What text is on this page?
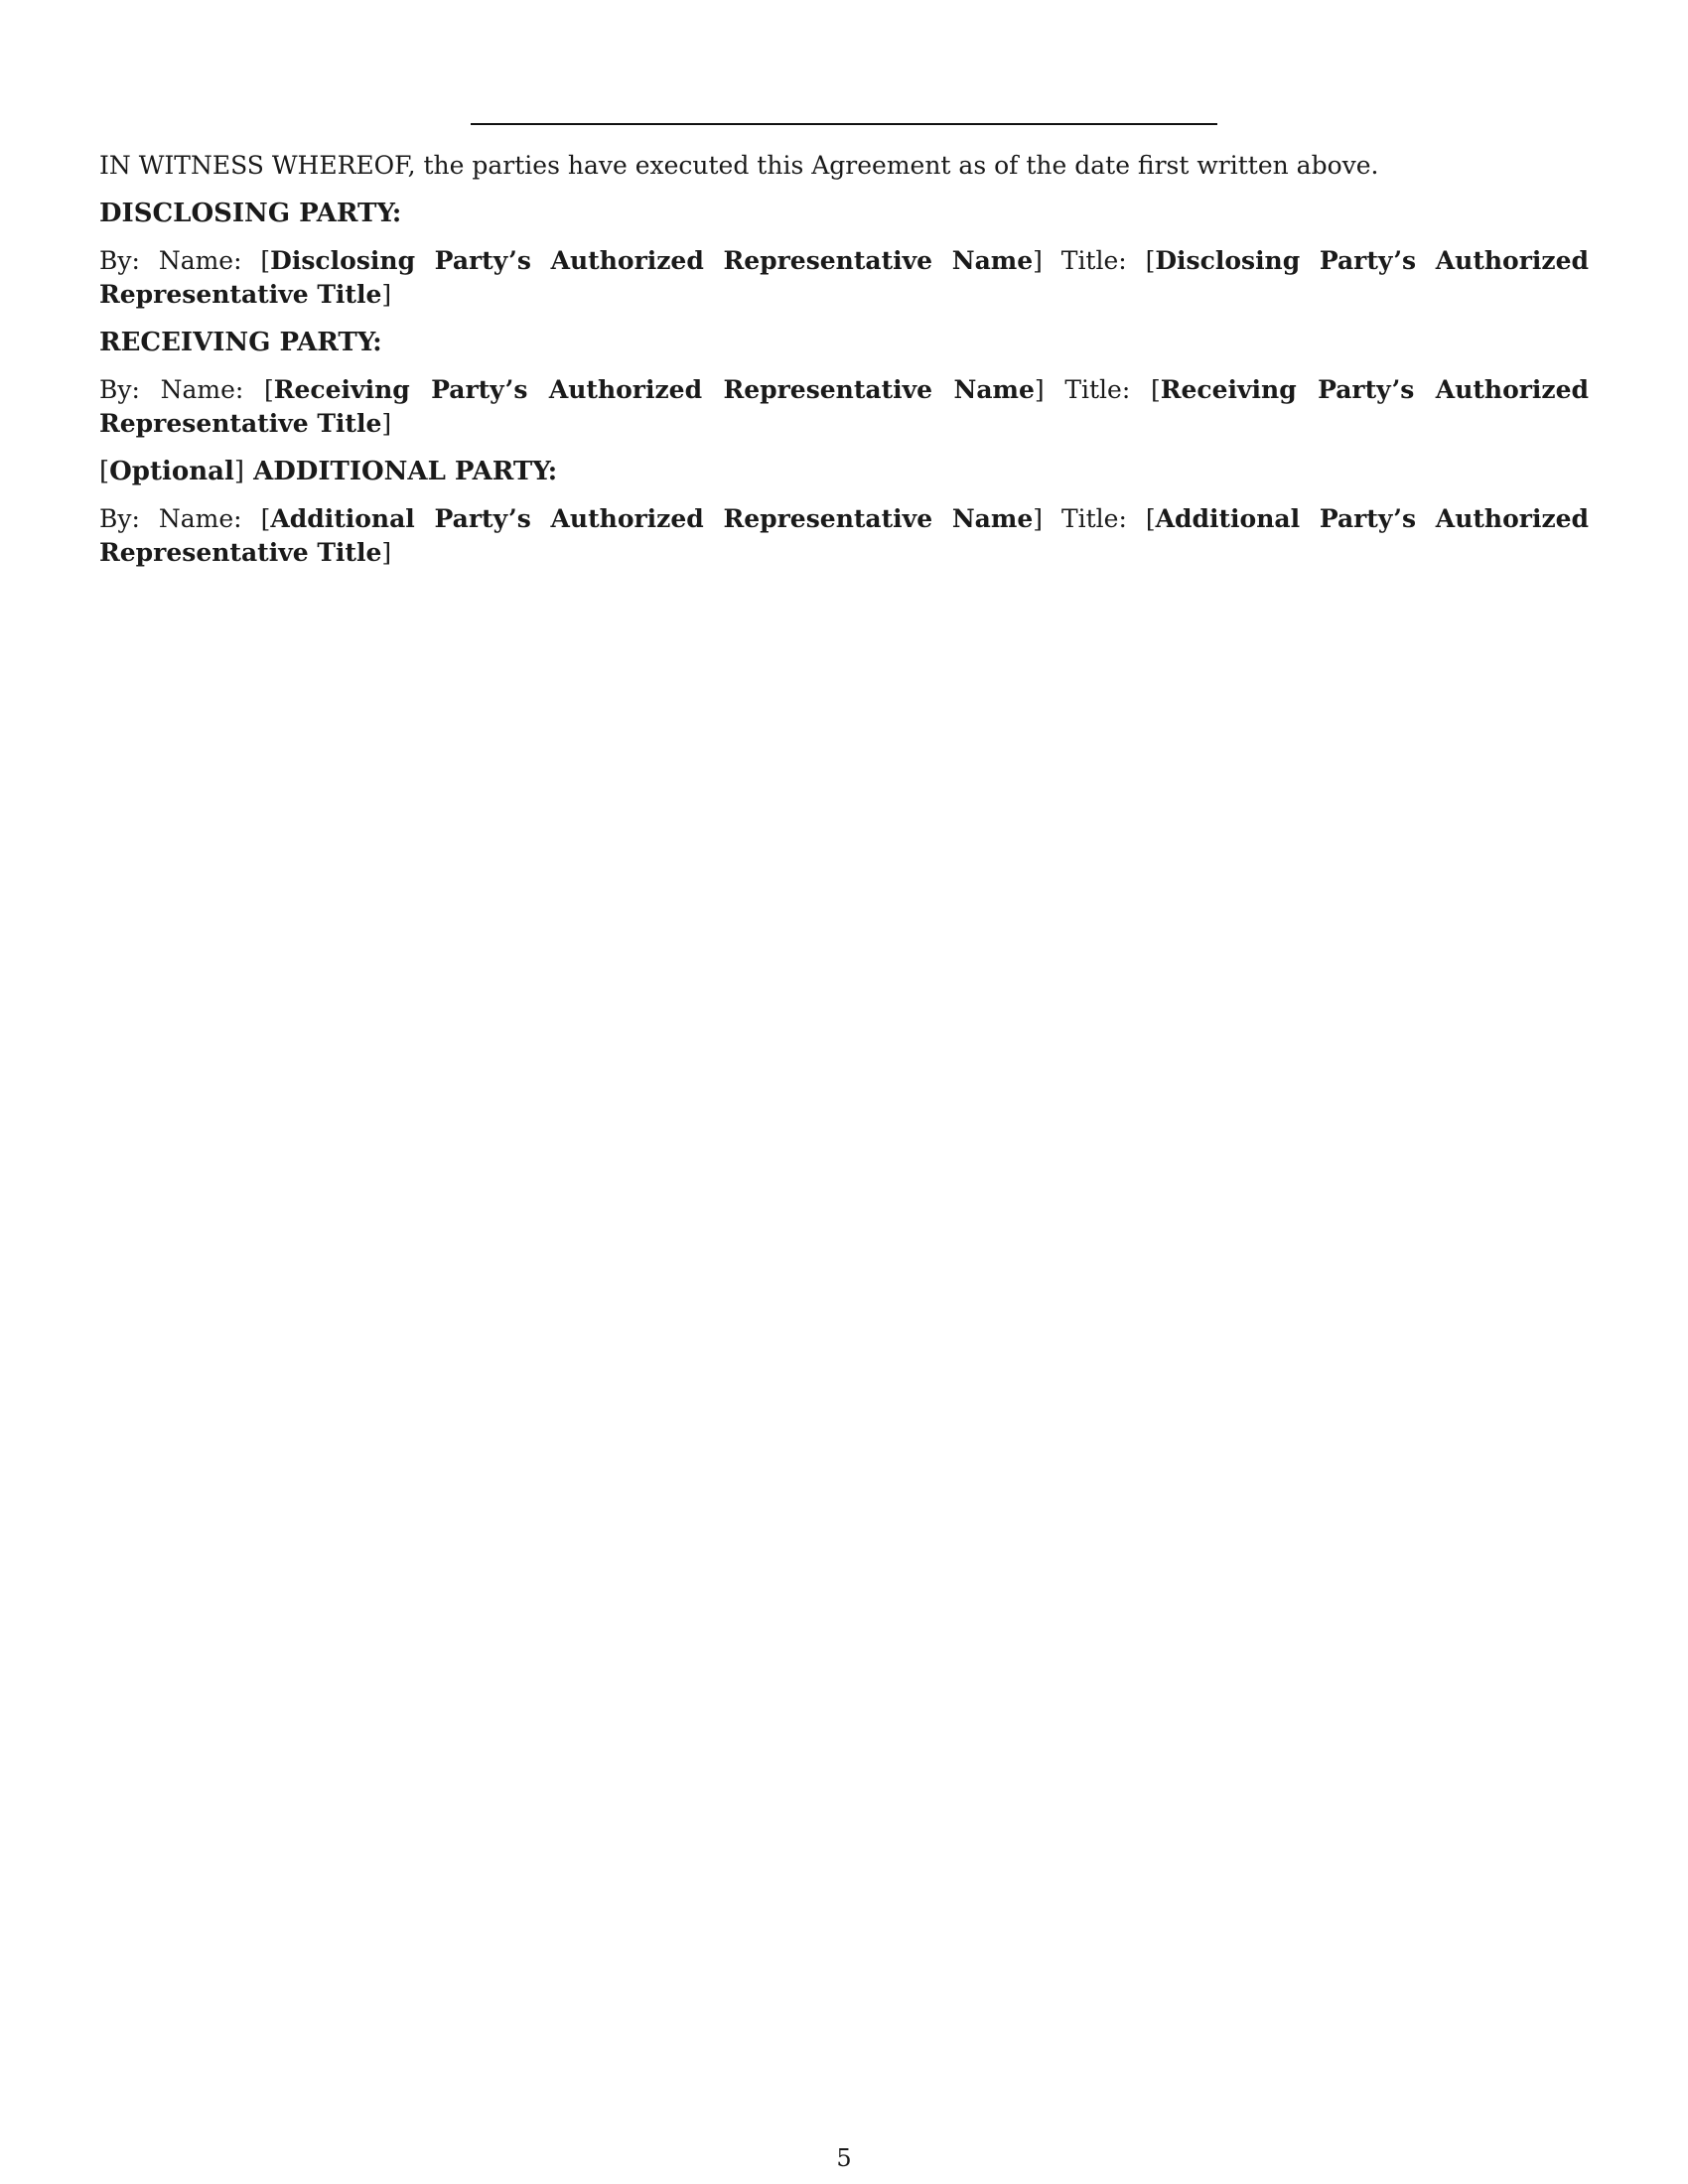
IN WITNESS WHEREOF, the parties have executed this Agreement as of the date first written above.

DISCLOSING PARTY:

By: Name: [Disclosing Party’s Authorized Representative Name] Title: [Disclosing Party’s Authorized Representative Title]

RECEIVING PARTY:

By: Name: [Receiving Party’s Authorized Representative Name] Title: [Receiving Party’s Authorized Representative Title]

[Optional] ADDITIONAL PARTY:

By: Name: [Additional Party’s Authorized Representative Name] Title: [Additional Party’s Authorized Representative Title]

5
